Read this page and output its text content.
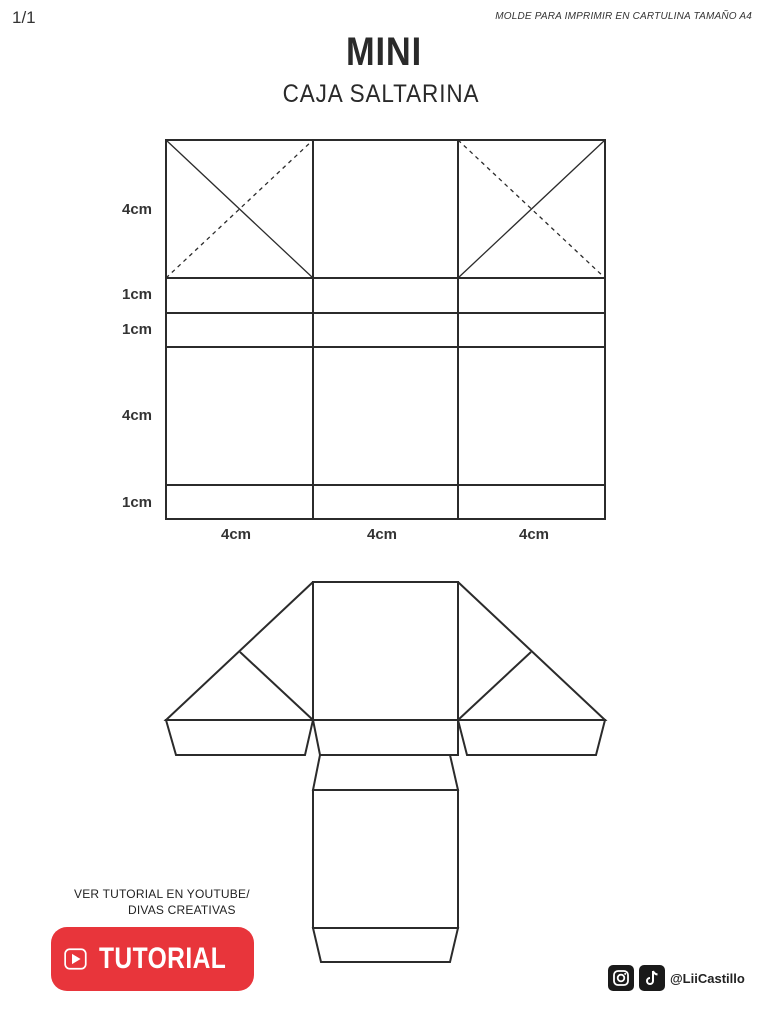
1/1	MOLDE PARA IMPRIMIR EN CARTULINA TAMAÑO A4
MINI
CAJA SALTARINA
4cm
1cm
1cm
4cm
1cm
4cm	4cm	4cm
VER TUTORIAL EN YOUTUBE/
DIVAS CREATIVAS
TUTORIAL
@LiiCastillo
